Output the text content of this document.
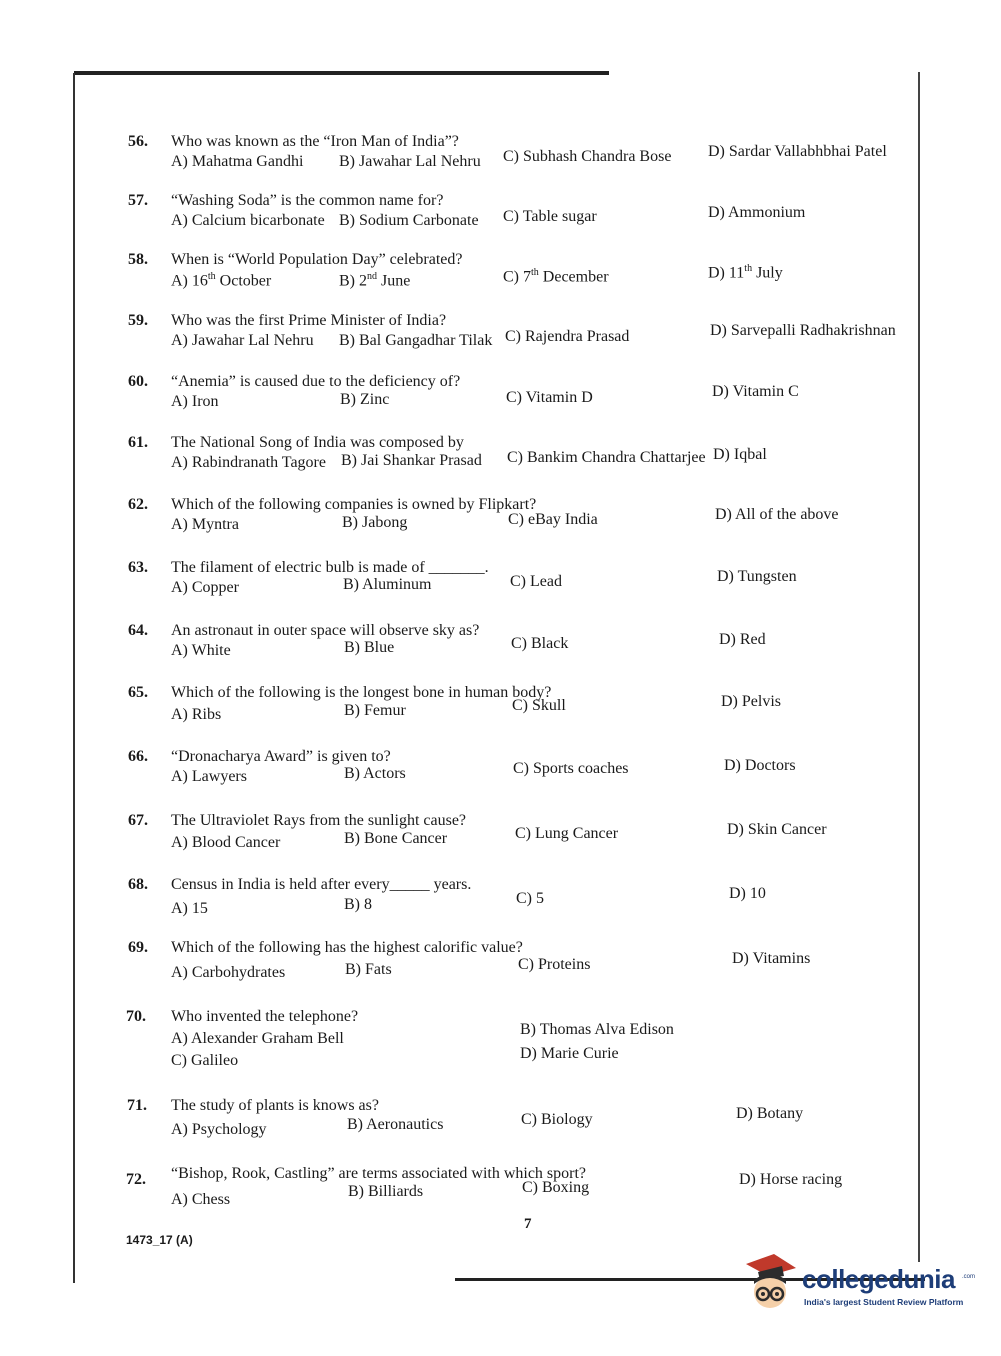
56. Who was known as the “Iron Man of India”?
A) Mahatma Gandhi B) Jawahar Lal Nehru C) Subhash Chandra Bose D) Sardar Vallabhbhai Patel
57. “Washing Soda” is the common name for?
A) Calcium bicarbonate B) Sodium Carbonate C) Table sugar	D) Ammonium
58. When is “World Population Day” celebrated?
A) 16th October	B) 2nd June	C) 7th December	D) 11th July
59. Who was the first Prime Minister of India?
A) Jawahar Lal Nehru B) Bal Gangadhar Tilak C) Rajendra Prasad	D) Sarvepalli Radhakrishnan
60. “Anemia” is caused due to the deficiency of?
A) Iron	B) Zinc	C) Vitamin D	D) Vitamin C
61. The National Song of India was composed by
A) Rabindranath Tagore B) Jai Shankar Prasad C) Bankim Chandra Chattarjee D) Iqbal
62. Which of the following companies is owned by Flipkart?
A) Myntra	B) Jabong	C) eBay India	D) All of the above
63. The filament of electric bulb is made of _______.
A) Copper	B) Aluminum	C) Lead	D) Tungsten
64. An astronaut in outer space will observe sky as?
A) White	B) Blue	C) Black	D) Red
65. Which of the following is the longest bone in human body?
A) Ribs	B) Femur	C) Skull	D) Pelvis
66. “Dronacharya Award” is given to?
A) Lawyers	B) Actors	C) Sports coaches	D) Doctors
67. The Ultraviolet Rays from the sunlight cause?
A) Blood Cancer	B) Bone Cancer	C) Lung Cancer	D) Skin Cancer
68. Census in India is held after every_____ years.
A) 15	B) 8	C) 5	D) 10
69. Which of the following has the highest calorific value?
A) Carbohydrates	B) Fats	C) Proteins	D) Vitamins
70. Who invented the telephone?
A) Alexander Graham Bell
B) Thomas Alva Edison
C) Galileo	D) Marie Curie
71. The study of plants is knows as?
A) Psychology	B) Aeronautics	C) Biology	D) Botany
72. “Bishop, Rook, Castling” are terms associated with which sport?
A) Chess	B) Billiards	C) Boxing	D) Horse racing
7
1473_17 (A)
collegedunia .com
India's largest Student Review Platform
